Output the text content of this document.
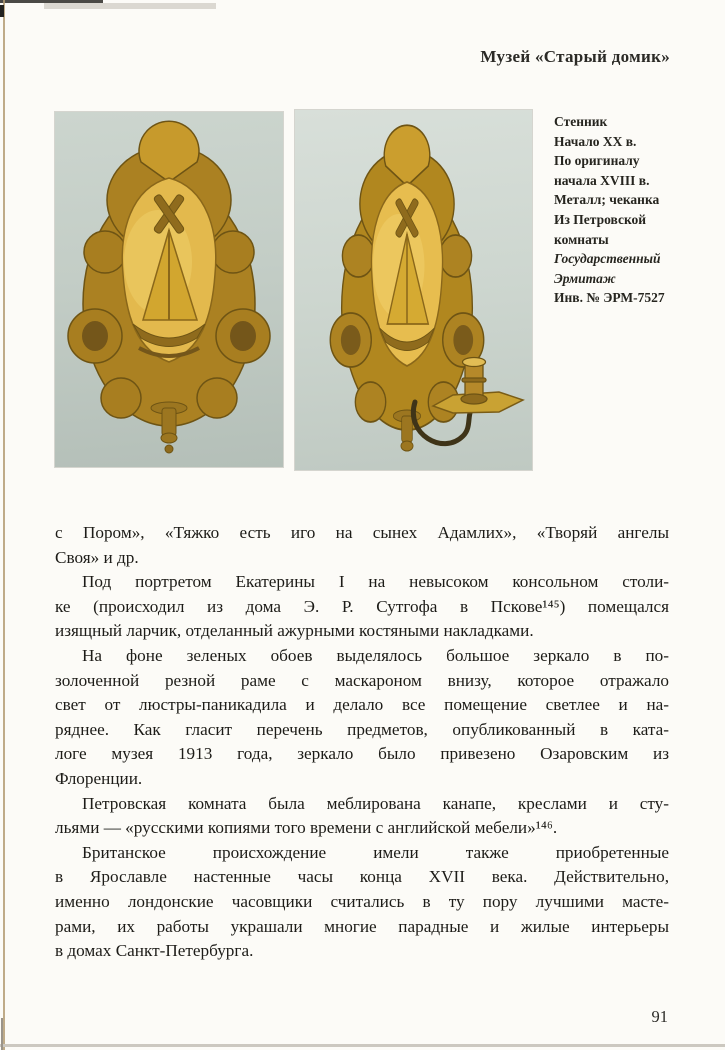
Музей «Старый домик»
Стенник
Начало XX в.
По оригиналу
начала XVIII в.
Металл; чеканка
Из Петровской
комнаты
Государственный
Эрмитаж
Инв. № ЭРМ-7527
с Пором», «Тяжко есть иго на сынех Адамлих», «Творяй ангелы
Своя» и др.
Под портретом Екатерины I на невысоком консольном столи-
ке (происходил из дома Э. Р. Сутгофа в Пскове¹⁴⁵) помещался
изящный ларчик, отделанный ажурными костяными накладками.
На фоне зеленых обоев выделялось большое зеркало в по-
золоченной резной раме с маскароном внизу, которое отражало
свет от люстры-паникадила и делало все помещение светлее и на-
ряднее. Как гласит перечень предметов, опубликованный в ката-
логе музея 1913 года, зеркало было привезено Озаровским из
Флоренции.
Петровская комната была меблирована канапе, креслами и сту-
льями — «русскими копиями того времени с английской мебели»¹⁴⁶.
Британское происхождение имели также приобретенные
в Ярославле настенные часы конца XVII века. Действительно,
именно лондонские часовщики считались в ту пору лучшими масте-
рами, их работы украшали многие парадные и жилые интерьеры
в домах Санкт-Петербурга.
91
